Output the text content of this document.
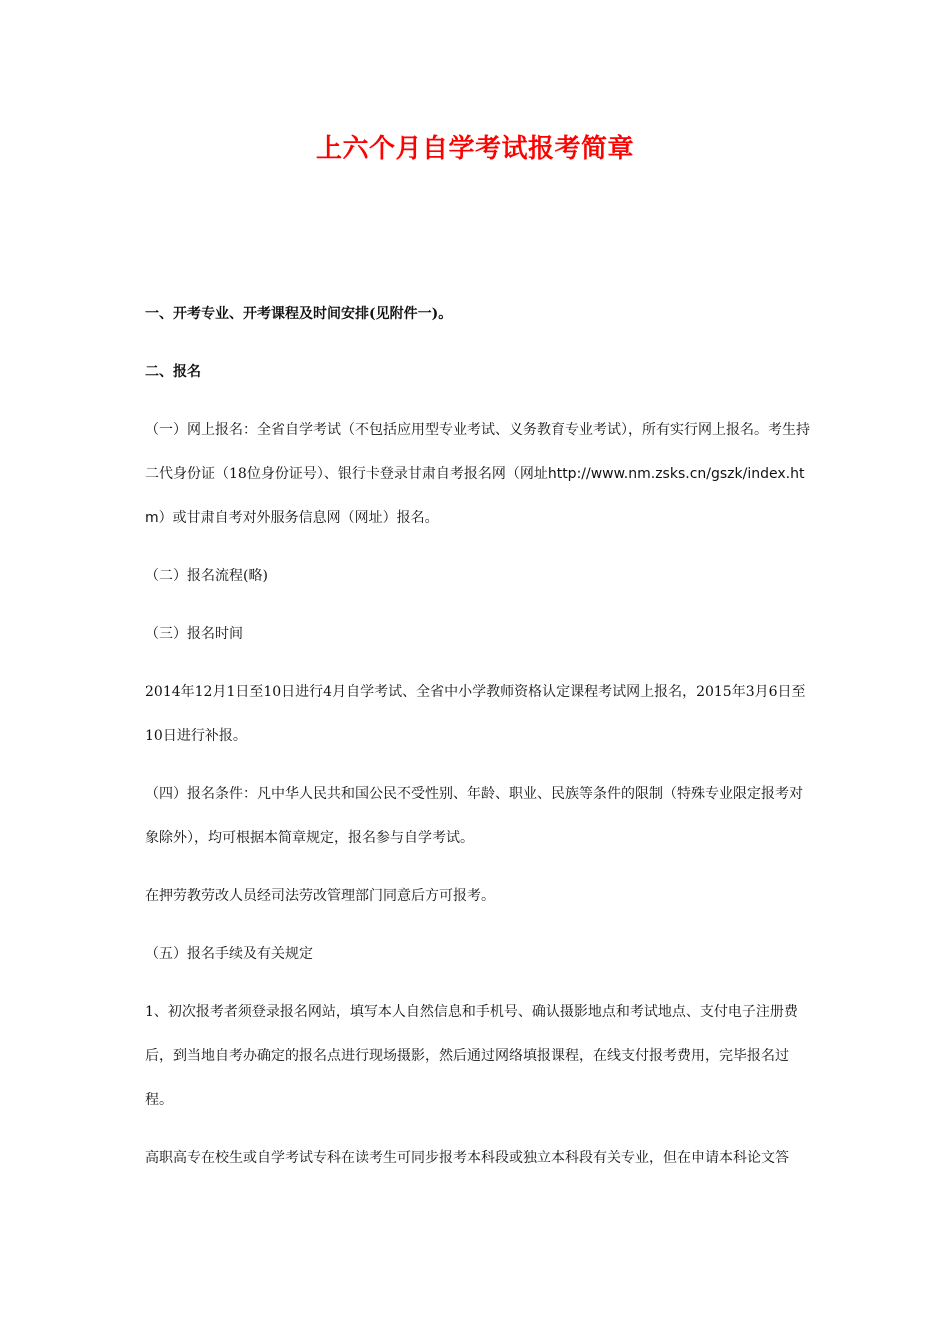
上六个月自学考试报考简章

一、开考专业、开考课程及时间安排(见附件一)。

二、报名

（一）网上报名：全省自学考试（不包括应用型专业考试、义务教育专业考试），所有实行网上报名。考生持二代身份证（18位身份证号）、银行卡登录甘肃自考报名网（网址http://www.nm.zsks.cn/gszk/index.htm）或甘肃自考对外服务信息网（网址）报名。

（二）报名流程(略)

（三）报名时间

2014年12月1日至10日进行4月自学考试、全省中小学教师资格认定课程考试网上报名，2015年3月6日至10日进行补报。

（四）报名条件：凡中华人民共和国公民不受性别、年龄、职业、民族等条件的限制（特殊专业限定报考对象除外），均可根据本简章规定，报名参与自学考试。

在押劳教劳改人员经司法劳改管理部门同意后方可报考。

（五）报名手续及有关规定

1、初次报考者须登录报名网站，填写本人自然信息和手机号、确认摄影地点和考试地点、支付电子注册费后，到当地自考办确定的报名点进行现场摄影，然后通过网络填报课程，在线支付报考费用，完毕报名过程。

高职高专在校生或自学考试专科在读考生可同步报考本科段或独立本科段有关专业，但在申请本科论文答
